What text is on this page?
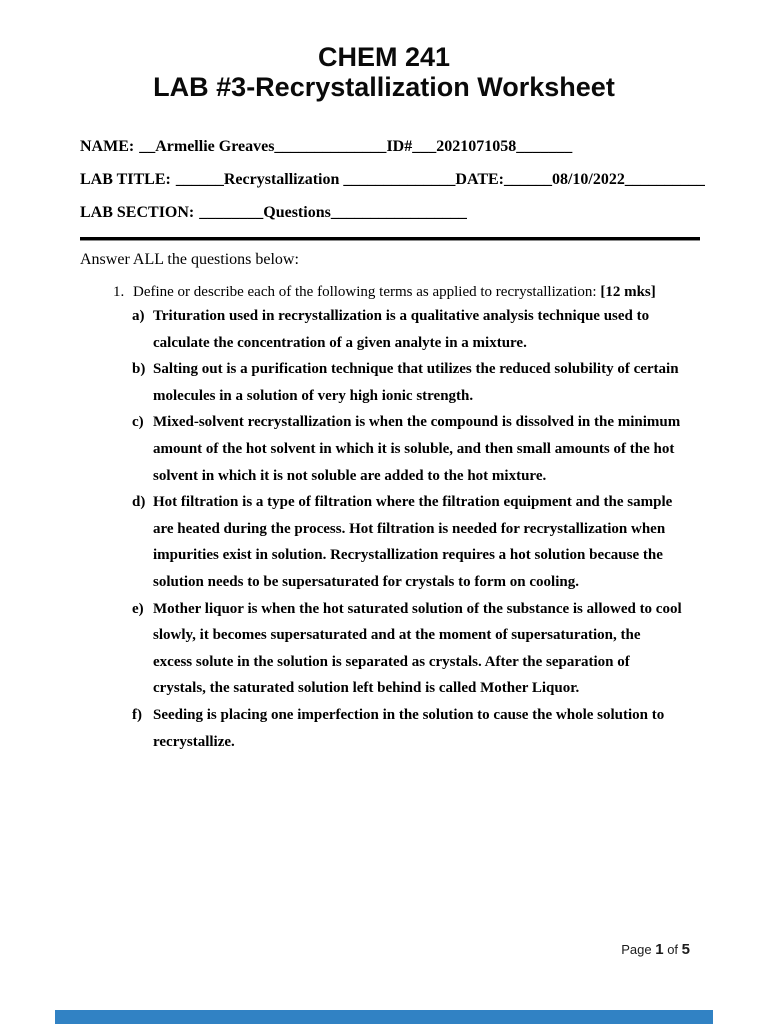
CHEM 241
LAB #3-Recrystallization Worksheet
NAME: __Armellie Greaves______________ ID#___2021071058_______
LAB TITLE: ______Recrystallization ______________ DATE:______08/10/2022__________
LAB SECTION: ________Questions_________________
Answer ALL the questions below:
1. Define or describe each of the following terms as applied to recrystallization: [12 mks]
a) Trituration used in recrystallization is a qualitative analysis technique used to calculate the concentration of a given analyte in a mixture.
b) Salting out is a purification technique that utilizes the reduced solubility of certain molecules in a solution of very high ionic strength.
c) Mixed-solvent recrystallization is when the compound is dissolved in the minimum amount of the hot solvent in which it is soluble, and then small amounts of the hot solvent in which it is not soluble are added to the hot mixture.
d) Hot filtration is a type of filtration where the filtration equipment and the sample are heated during the process. Hot filtration is needed for recrystallization when impurities exist in solution. Recrystallization requires a hot solution because the solution needs to be supersaturated for crystals to form on cooling.
e) Mother liquor is when the hot saturated solution of the substance is allowed to cool slowly, it becomes supersaturated and at the moment of supersaturation, the excess solute in the solution is separated as crystals. After the separation of crystals, the saturated solution left behind is called Mother Liquor.
f) Seeding is placing one imperfection in the solution to cause the whole solution to recrystallize.
Page 1 of 5
